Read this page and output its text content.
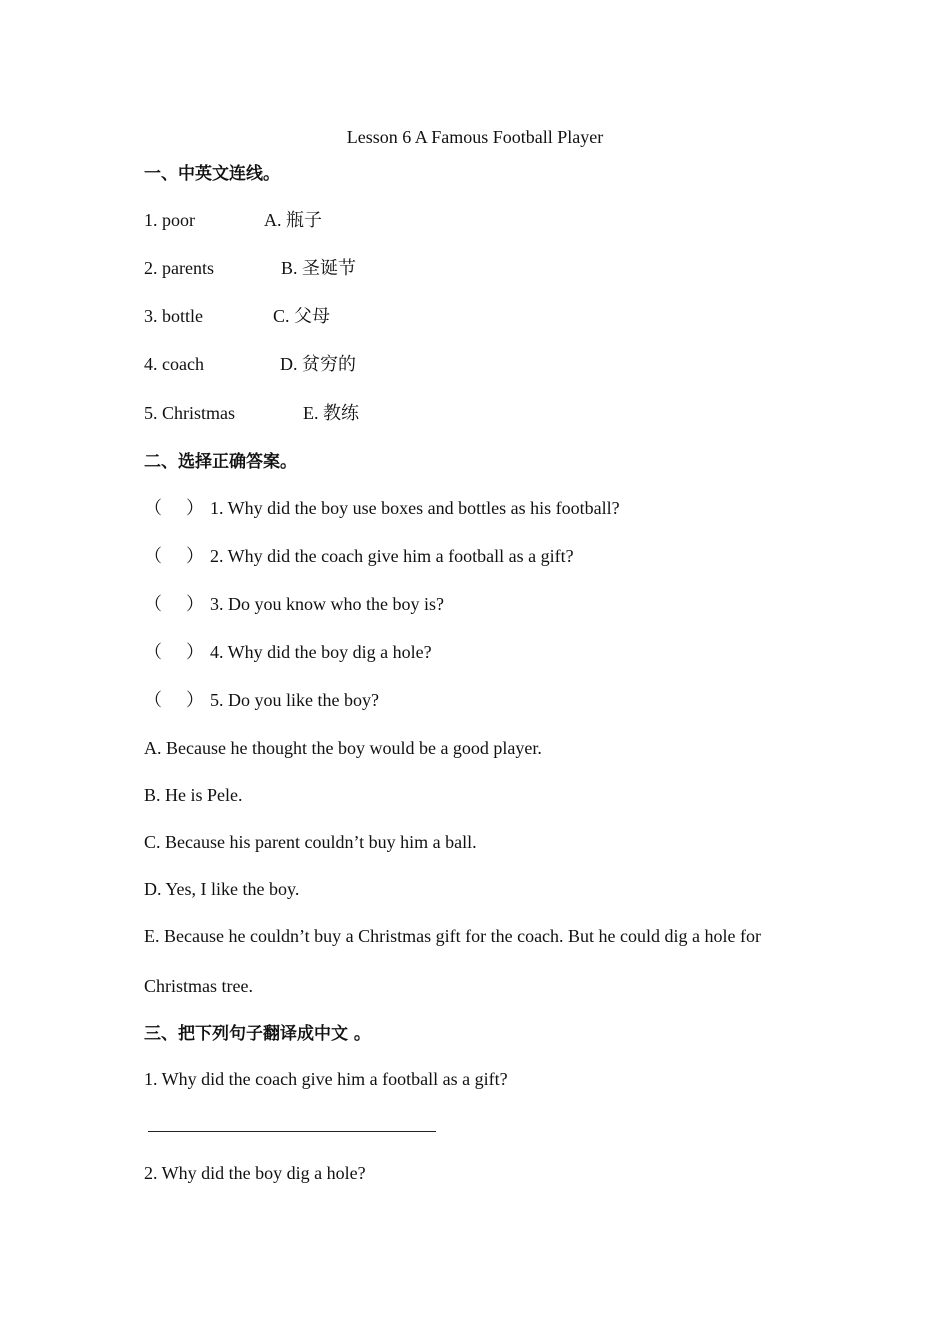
Lesson 6 A Famous Football Player
一、中英文连线。
1. poor	A. 瓶子
2. parents	B. 圣诞节
3. bottle	C. 父母
4. coach	D. 贫穷的
5. Christmas	E. 教练
二、选择正确答案。
（ ） 1. Why did the boy use boxes and bottles as his football?
（ ） 2. Why did the coach give him a football as a gift?
（ ） 3. Do you know who the boy is?
（ ） 4. Why did the boy dig a hole?
（ ） 5. Do you like the boy?
A. Because he thought the boy would be a good player.
B. He is Pele.
C. Because his parent couldn’t buy him a ball.
D. Yes, I like the boy.
E. Because he couldn’t buy a Christmas gift for the coach. But he could dig a hole for
Christmas tree.
三、把下列句子翻译成中文 。
1. Why did the coach give him a football as a gift?
2. Why did the boy dig a hole?
